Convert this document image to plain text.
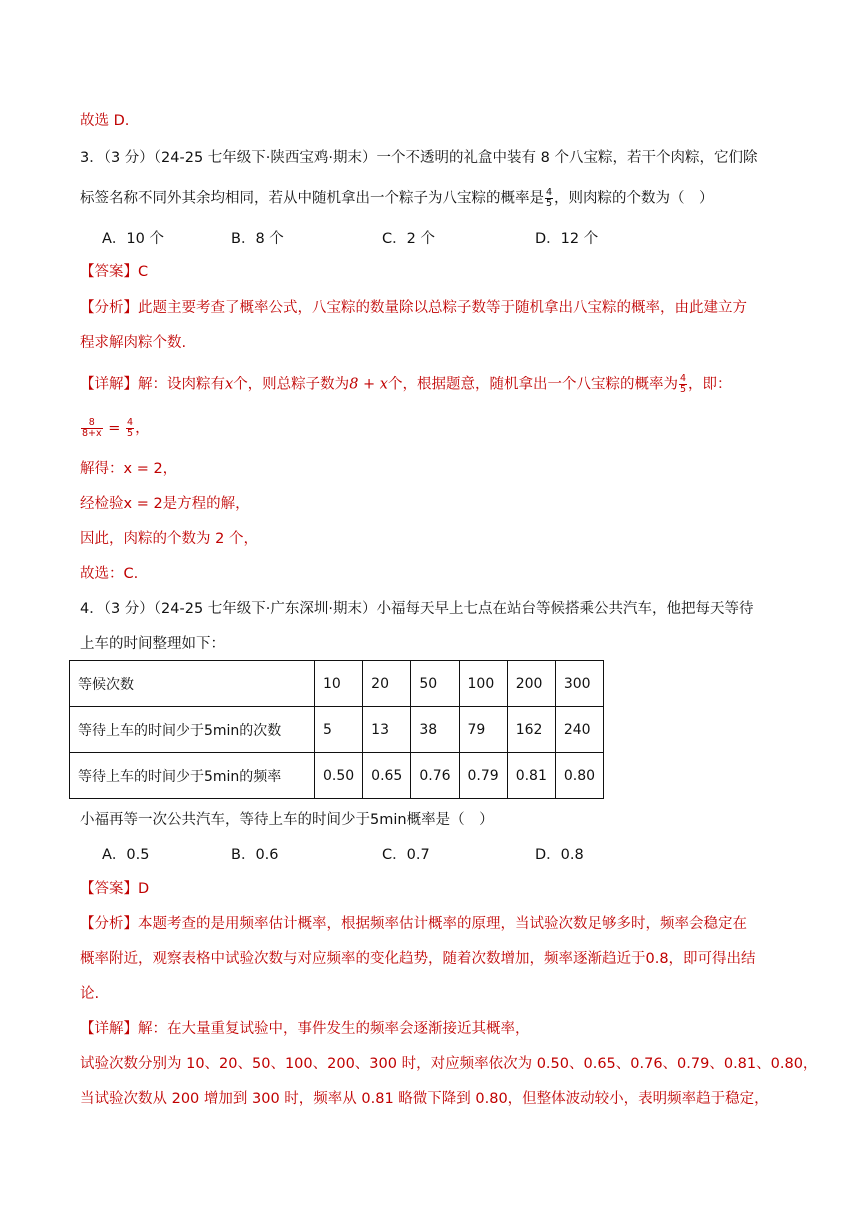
故选 D.
3．（3 分）（24-25 七年级下·陕西宝鸡·期末）一个不透明的礼盒中装有 8 个八宝粽，若干个肉粽，它们除
标签名称不同外其余均相同，若从中随机拿出一个粽子为八宝粽的概率是 $\frac{4}{5}$ ，则肉粽的个数为（　）
A．10 个	B．8 个	C．2 个	D．12 个
【答案】C
【分析】此题主要考查了概率公式，八宝粽的数量除以总粽子数等于随机拿出八宝粽的概率，由此建立方
程求解肉粽个数.
【详解】解：设肉粽有x个，则总粽子数为8 + x个，根据题意，随机拿出一个八宝粽的概率为 $\frac{4}{5}$ ，即：
$\frac{8}{8+x} = \frac{4}{5}$ ，
解得：x = 2，
经检验x = 2是方程的解，
因此，肉粽的个数为 2 个，
故选：C.
4．（3 分）（24-25 七年级下·广东深圳·期末）小福每天早上七点在站台等候搭乘公共汽车，他把每天等待
上车的时间整理如下：
等候次数	10	20	50	100	200	300
等待上车的时间少于5min的次数	5	13	38	79	162	240
等待上车的时间少于5min的频率	0.50	0.65	0.76	0.79	0.81	0.80
小福再等一次公共汽车，等待上车的时间少于5min概率是（　）
A．0.5	B．0.6	C．0.7	D．0.8
【答案】D
【分析】本题考查的是用频率估计概率，根据频率估计概率的原理，当试验次数足够多时，频率会稳定在
概率附近，观察表格中试验次数与对应频率的变化趋势，随着次数增加，频率逐渐趋近于0.8，即可得出结
论.
【详解】解：在大量重复试验中，事件发生的频率会逐渐接近其概率，
试验次数分别为 10、20、50、100、200、300 时，对应频率依次为 0.50、0.65、0.76、0.79、0.81、0.80，
当试验次数从 200 增加到 300 时，频率从 0.81 略微下降到 0.80，但整体波动较小，表明频率趋于稳定，
